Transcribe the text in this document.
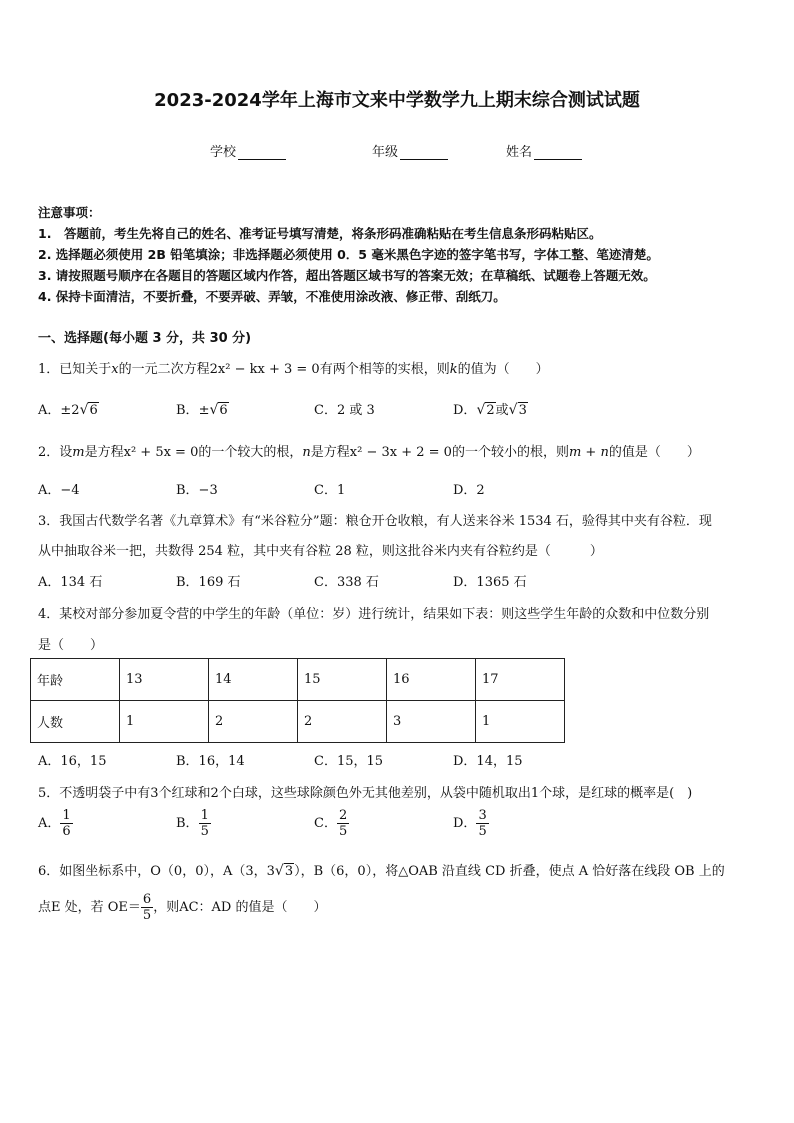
2023-2024学年上海市文来中学数学九上期末综合测试试题
学校	年级	姓名
注意事项：
1.　答题前，考生先将自己的姓名、准考证号填写清楚，将条形码准确粘贴在考生信息条形码粘贴区。
2. 选择题必须使用 2B 铅笔填涂；非选择题必须使用 0．5 毫米黑色字迹的签字笔书写，字体工整、笔迹清楚。
3. 请按照题号顺序在各题目的答题区域内作答，超出答题区域书写的答案无效；在草稿纸、试题卷上答题无效。
4. 保持卡面清洁，不要折叠，不要弄破、弄皱，不准使用涂改液、修正带、刮纸刀。
一、选择题(每小题 3 分，共 30 分)
1．已知关于x的一元二次方程2x² − kx + 3 = 0有两个相等的实根，则k的值为（　　）
A．±2√6	B．±√6	C．2 或 3	D．√2或√3
2．设m是方程x² + 5x = 0的一个较大的根，n是方程x² − 3x + 2 = 0的一个较小的根，则m + n的值是（　　）
A．−4	B．−3	C．1	D．2
3．我国古代数学名著《九章算术》有“米谷粒分”题：粮仓开仓收粮，有人送来谷米 1534 石，验得其中夹有谷粒．现
从中抽取谷米一把，共数得 254 粒，其中夹有谷粒 28 粒，则这批谷米内夹有谷粒约是（　　　）
A．134 石	B．169 石	C．338 石	D．1365 石
4．某校对部分参加夏令营的中学生的年龄（单位：岁）进行统计，结果如下表：则这些学生年龄的众数和中位数分别
是（　　）
年龄	13	14	15	16	17
人数	1	2	2	3	1
A．16，15	B．16，14	C．15，15	D．14，15
5．不透明袋子中有3个红球和2个白球，这些球除颜色外无其他差别，从袋中随机取出1个球，是红球的概率是(　)
A． $\frac{1}{6}$	B． $\frac{1}{5}$	C． $\frac{2}{5}$	D． $\frac{3}{5}$
6．如图坐标系中，O（0，0），A（3，3√3），B（6，0），将△OAB 沿直线 CD 折叠，使点 A 恰好落在线段 OB 上的
点E 处，若 $OE= \frac{6}{5}$ ，则AC：AD 的值是（　　）
